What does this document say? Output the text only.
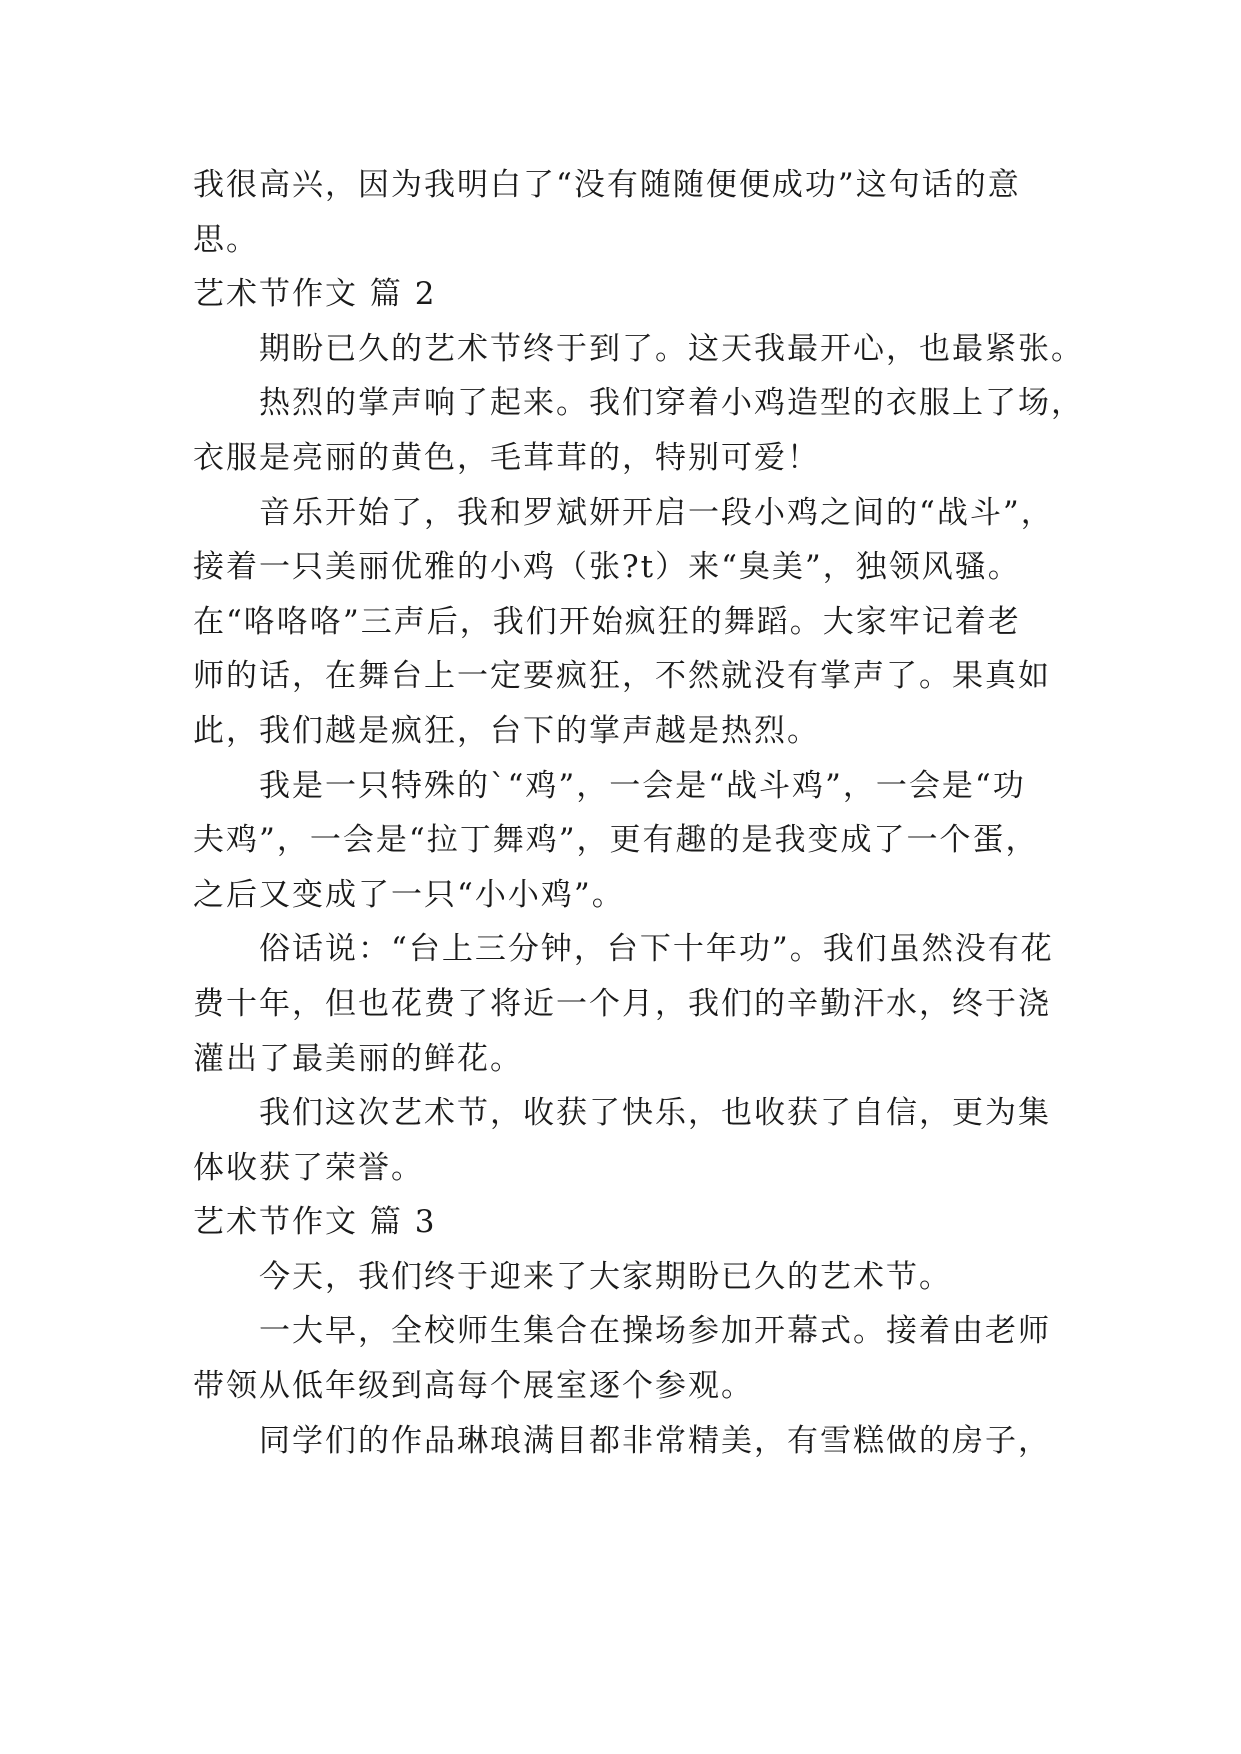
我很高兴，因为我明白了“没有随随便便成功”这句话的意
思。
艺术节作文 篇 2
期盼已久的艺术节终于到了。这天我最开心，也最紧张。
热烈的掌声响了起来。我们穿着小鸡造型的衣服上了场，
衣服是亮丽的黄色，毛茸茸的，特别可爱！
音乐开始了，我和罗斌妍开启一段小鸡之间的“战斗”，
接着一只美丽优雅的小鸡（张?t）来“臭美”，独领风骚。
在“咯咯咯”三声后，我们开始疯狂的舞蹈。大家牢记着老
师的话，在舞台上一定要疯狂，不然就没有掌声了。果真如
此，我们越是疯狂，台下的掌声越是热烈。
我是一只特殊的`“鸡”，一会是“战斗鸡”，一会是“功
夫鸡”，一会是“拉丁舞鸡”，更有趣的是我变成了一个蛋，
之后又变成了一只“小小鸡”。
俗话说：“台上三分钟，台下十年功”。我们虽然没有花
费十年，但也花费了将近一个月，我们的辛勤汗水，终于浇
灌出了最美丽的鲜花。
我们这次艺术节，收获了快乐，也收获了自信，更为集
体收获了荣誉。
艺术节作文 篇 3
今天，我们终于迎来了大家期盼已久的艺术节。
一大早，全校师生集合在操场参加开幕式。接着由老师
带领从低年级到高每个展室逐个参观。
同学们的作品琳琅满目都非常精美，有雪糕做的房子，
